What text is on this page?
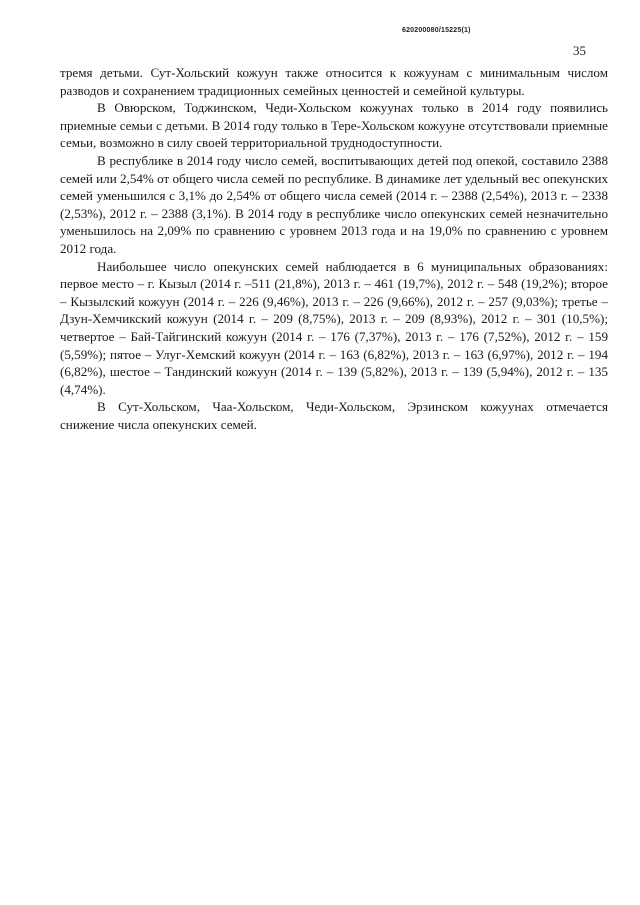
620200080/15225(1)
35

тремя детьми. Сут-Хольский кожуун также относится к кожуунам с минимальным числом разводов и сохранением традиционных семейных ценностей и семейной культуры.

В Овюрском, Тоджинском, Чеди-Хольском кожуунах только в 2014 году появились приемные семьи с детьми. В 2014 году только в Тере-Хольском кожууне отсутствовали приемные семьи, возможно в силу своей территориальной труднодоступности.

В республике в 2014 году число семей, воспитывающих детей под опекой, составило 2388 семей или 2,54% от общего числа семей по республике. В динамике лет удельный вес опекунских семей уменьшился с 3,1% до 2,54% от общего числа семей (2014 г. – 2388 (2,54%), 2013 г. – 2338 (2,53%), 2012 г. – 2388 (3,1%). В 2014 году в республике число опекунских семей незначительно уменьшилось на 2,09% по сравнению с уровнем 2013 года и на 19,0% по сравнению с уровнем 2012 года.

Наибольшее число опекунских семей наблюдается в 6 муниципальных образованиях: первое место – г. Кызыл (2014 г. –511 (21,8%), 2013 г. – 461 (19,7%), 2012 г. – 548 (19,2%); второе – Кызылский кожуун (2014 г. – 226 (9,46%), 2013 г. – 226 (9,66%), 2012 г. – 257 (9,03%); третье – Дзун-Хемчикский кожуун (2014 г. – 209 (8,75%), 2013 г. – 209 (8,93%), 2012 г. – 301 (10,5%); четвертое – Бай-Тайгинский кожуун (2014 г. – 176 (7,37%), 2013 г. – 176 (7,52%), 2012 г. – 159 (5,59%); пятое – Улуг-Хемский кожуун (2014 г. – 163 (6,82%), 2013 г. – 163 (6,97%), 2012 г. – 194 (6,82%), шестое – Тандинский кожуун (2014 г. – 139 (5,82%), 2013 г. – 139 (5,94%), 2012 г. – 135 (4,74%).

В Сут-Хольском, Чаа-Хольском, Чеди-Хольском, Эрзинском кожуунах отмечается снижение числа опекунских семей.
